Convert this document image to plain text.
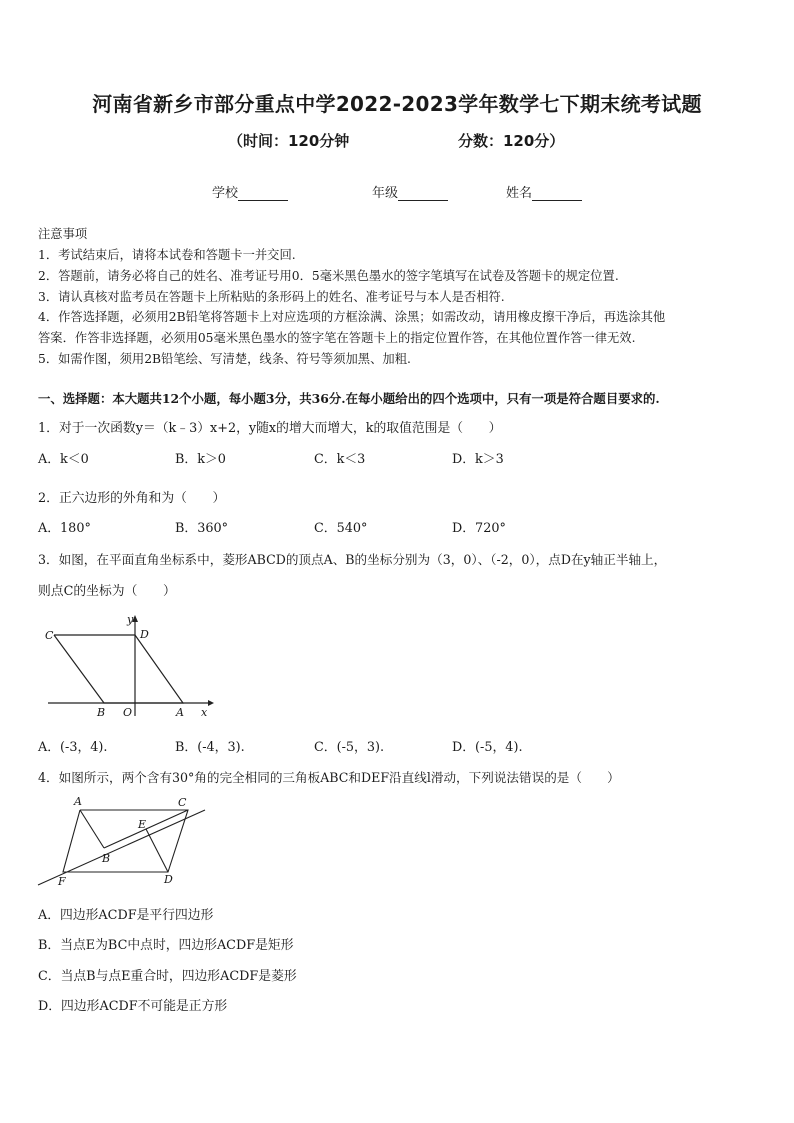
河南省新乡市部分重点中学2022-2023学年数学七下期末统考试题
（时间：120分钟	分数：120分）
学校	年级	姓名
注意事项
1．考试结束后，请将本试卷和答题卡一并交回.
2．答题前，请务必将自己的姓名、准考证号用0．5毫米黑色墨水的签字笔填写在试卷及答题卡的规定位置.
3．请认真核对监考员在答题卡上所粘贴的条形码上的姓名、准考证号与本人是否相符.
4．作答选择题，必须用2B铅笔将答题卡上对应选项的方框涂满、涂黑；如需改动，请用橡皮擦干净后，再选涂其他
答案．作答非选择题，必须用05毫米黑色墨水的签字笔在答题卡上的指定位置作答，在其他位置作答一律无效.
5．如需作图，须用2B铅笔绘、写清楚，线条、符号等须加黑、加粗.
一、选择题：本大题共12个小题，每小题3分，共36分.在每小题给出的四个选项中，只有一项是符合题目要求的.
1．对于一次函数y＝（k﹣3）x+2，y随x的增大而增大，k的取值范围是（　　）
A．k＜0	B．k＞0	C．k＜3	D．k＞3
2．正六边形的外角和为（　　）
A．180°	B．360°	C．540°	D．720°
3．如图，在平面直角坐标系中，菱形ABCD的顶点A、B的坐标分别为（3，0）、（-2，0），点D在y轴正半轴上，
则点C的坐标为（　　）
C	D
y
B O	A x
A．(-3，4).	B．(-4，3).	C．(-5，3).	D．(-5，4).
4．如图所示，两个含有30°角的完全相同的三角板ABC和DEF沿直线l滑动，下列说法错误的是（　　）
A	C
E
B
F	D
A．四边形ACDF是平行四边形
B．当点E为BC中点时，四边形ACDF是矩形
C．当点B与点E重合时，四边形ACDF是菱形
D．四边形ACDF不可能是正方形
